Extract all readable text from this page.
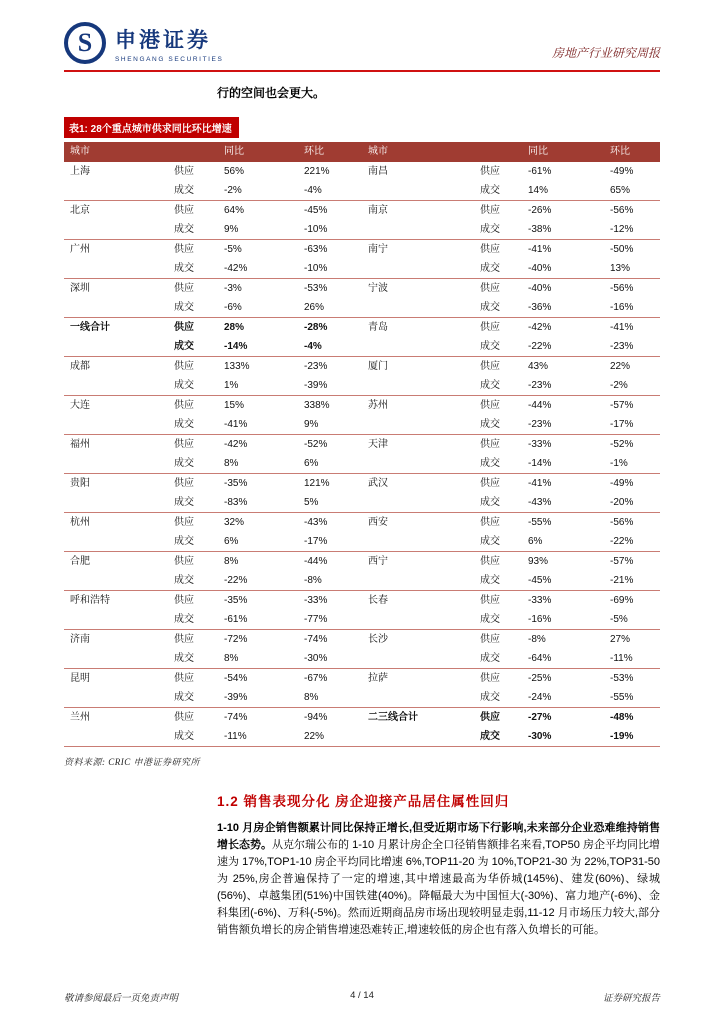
S	申港证券
SHENGANG SECURITIES	房地产行业研究周报
行的空间也会更大。
表1: 28个重点城市供求同比环比增速
城市		同比	环比	城市		同比	环比
上海	供应	56%	221%	南昌	供应	-61%	-49%
	成交	-2%	-4%		成交	14%	65%
北京	供应	64%	-45%	南京	供应	-26%	-56%
	成交	9%	-10%		成交	-38%	-12%
广州	供应	-5%	-63%	南宁	供应	-41%	-50%
	成交	-42%	-10%		成交	-40%	13%
深圳	供应	-3%	-53%	宁波	供应	-40%	-56%
	成交	-6%	26%		成交	-36%	-16%
一线合计	供应	28%	-28%	青岛	供应	-42%	-41%
	成交	-14%	-4%		成交	-22%	-23%
成都	供应	133%	-23%	厦门	供应	43%	22%
	成交	1%	-39%		成交	-23%	-2%
大连	供应	15%	338%	苏州	供应	-44%	-57%
	成交	-41%	9%		成交	-23%	-17%
福州	供应	-42%	-52%	天津	供应	-33%	-52%
	成交	8%	6%		成交	-14%	-1%
贵阳	供应	-35%	121%	武汉	供应	-41%	-49%
	成交	-83%	5%		成交	-43%	-20%
杭州	供应	32%	-43%	西安	供应	-55%	-56%
	成交	6%	-17%		成交	6%	-22%
合肥	供应	8%	-44%	西宁	供应	93%	-57%
	成交	-22%	-8%		成交	-45%	-21%
呼和浩特	供应	-35%	-33%	长春	供应	-33%	-69%
	成交	-61%	-77%		成交	-16%	-5%
济南	供应	-72%	-74%	长沙	供应	-8%	27%
	成交	8%	-30%		成交	-64%	-11%
昆明	供应	-54%	-67%	拉萨	供应	-25%	-53%
	成交	-39%	8%		成交	-24%	-55%
兰州	供应	-74%	-94%	二三线合计	供应	-27%	-48%
	成交	-11%	22%		成交	-30%	-19%
资料来源: CRIC 申港证券研究所
1.2 销售表现分化 房企迎接产品居住属性回归

1-10 月房企销售额累计同比保持正增长,但受近期市场下行影响,未来部分企业恐难维持销售增长态势。从克尔瑞公布的 1-10 月累计房企全口径销售额排名来看,TOP50 房企平均同比增速为 17%,TOP1-10 房企平均同比增速 6%,TOP11-20 为 10%,TOP21-30 为 22%,TOP31-50 为 25%,房企普遍保持了一定的增速,其中增速最高为华侨城(145%)、建发(60%)、绿城(56%)、卓越集团(51%)中国铁建(40%)。降幅最大为中国恒大(-30%)、富力地产(-6%)、金科集团(-6%)、万科(-5%)。然而近期商品房市场出现较明显走弱,11-12 月市场压力较大,部分销售额负增长的房企销售增速恐难转正,增速较低的房企也有落入负增长的可能。

敬请参阅最后一页免责声明	4 / 14	证券研究报告
